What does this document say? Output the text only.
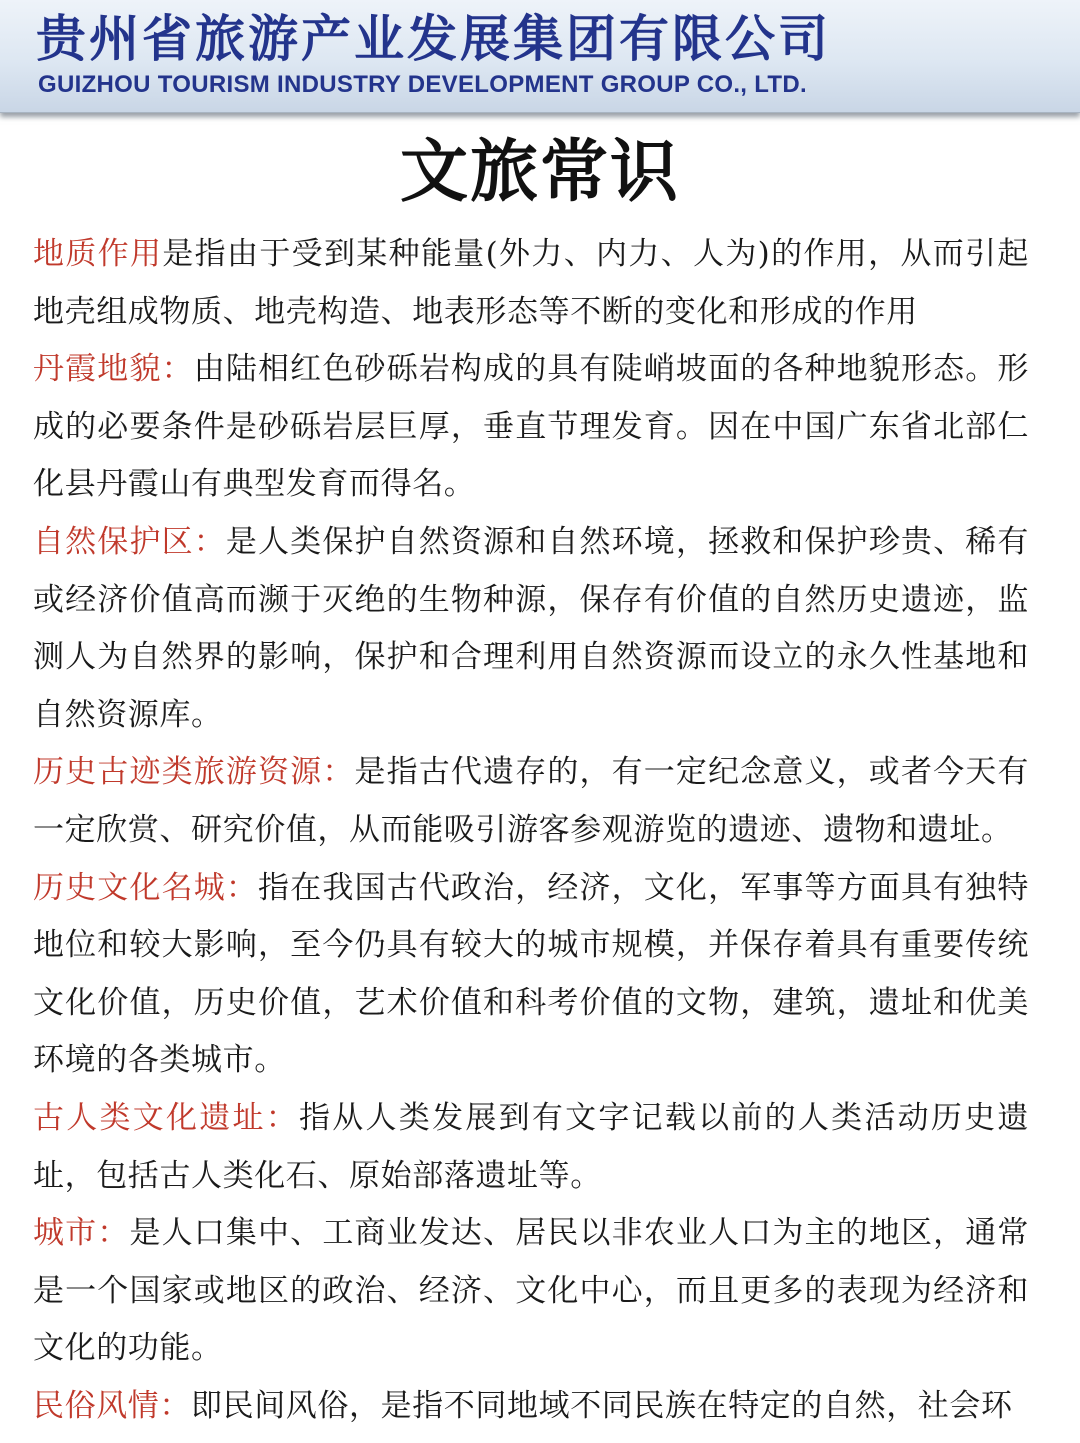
贵州省旅游产业发展集团有限公司
GUIZHOU TOURISM INDUSTRY DEVELOPMENT GROUP CO., LTD.
文旅常识

地质作用是指由于受到某种能量(外力、内力、人为)的作用，从而引起地壳组成物质、地壳构造、地表形态等不断的变化和形成的作用

丹霞地貌：由陆相红色砂砾岩构成的具有陡峭坡面的各种地貌形态。形成的必要条件是砂砾岩层巨厚，垂直节理发育。因在中国广东省北部仁化县丹霞山有典型发育而得名。

自然保护区：是人类保护自然资源和自然环境，拯救和保护珍贵、稀有或经济价值高而濒于灭绝的生物种源，保存有价值的自然历史遗迹，监测人为自然界的影响，保护和合理利用自然资源而设立的永久性基地和自然资源库。

历史古迹类旅游资源：是指古代遗存的，有一定纪念意义，或者今天有一定欣赏、研究价值，从而能吸引游客参观游览的遗迹、遗物和遗址。

历史文化名城：指在我国古代政治，经济，文化，军事等方面具有独特地位和较大影响，至今仍具有较大的城市规模，并保存着具有重要传统文化价值，历史价值，艺术价值和科考价值的文物，建筑，遗址和优美环境的各类城市。

古人类文化遗址：指从人类发展到有文字记载以前的人类活动历史遗址，包括古人类化石、原始部落遗址等。

城市：是人口集中、工商业发达、居民以非农业人口为主的地区，通常是一个国家或地区的政治、经济、文化中心，而且更多的表现为经济和文化的功能。

民俗风情：即民间风俗，是指不同地域不同民族在特定的自然，社会环
